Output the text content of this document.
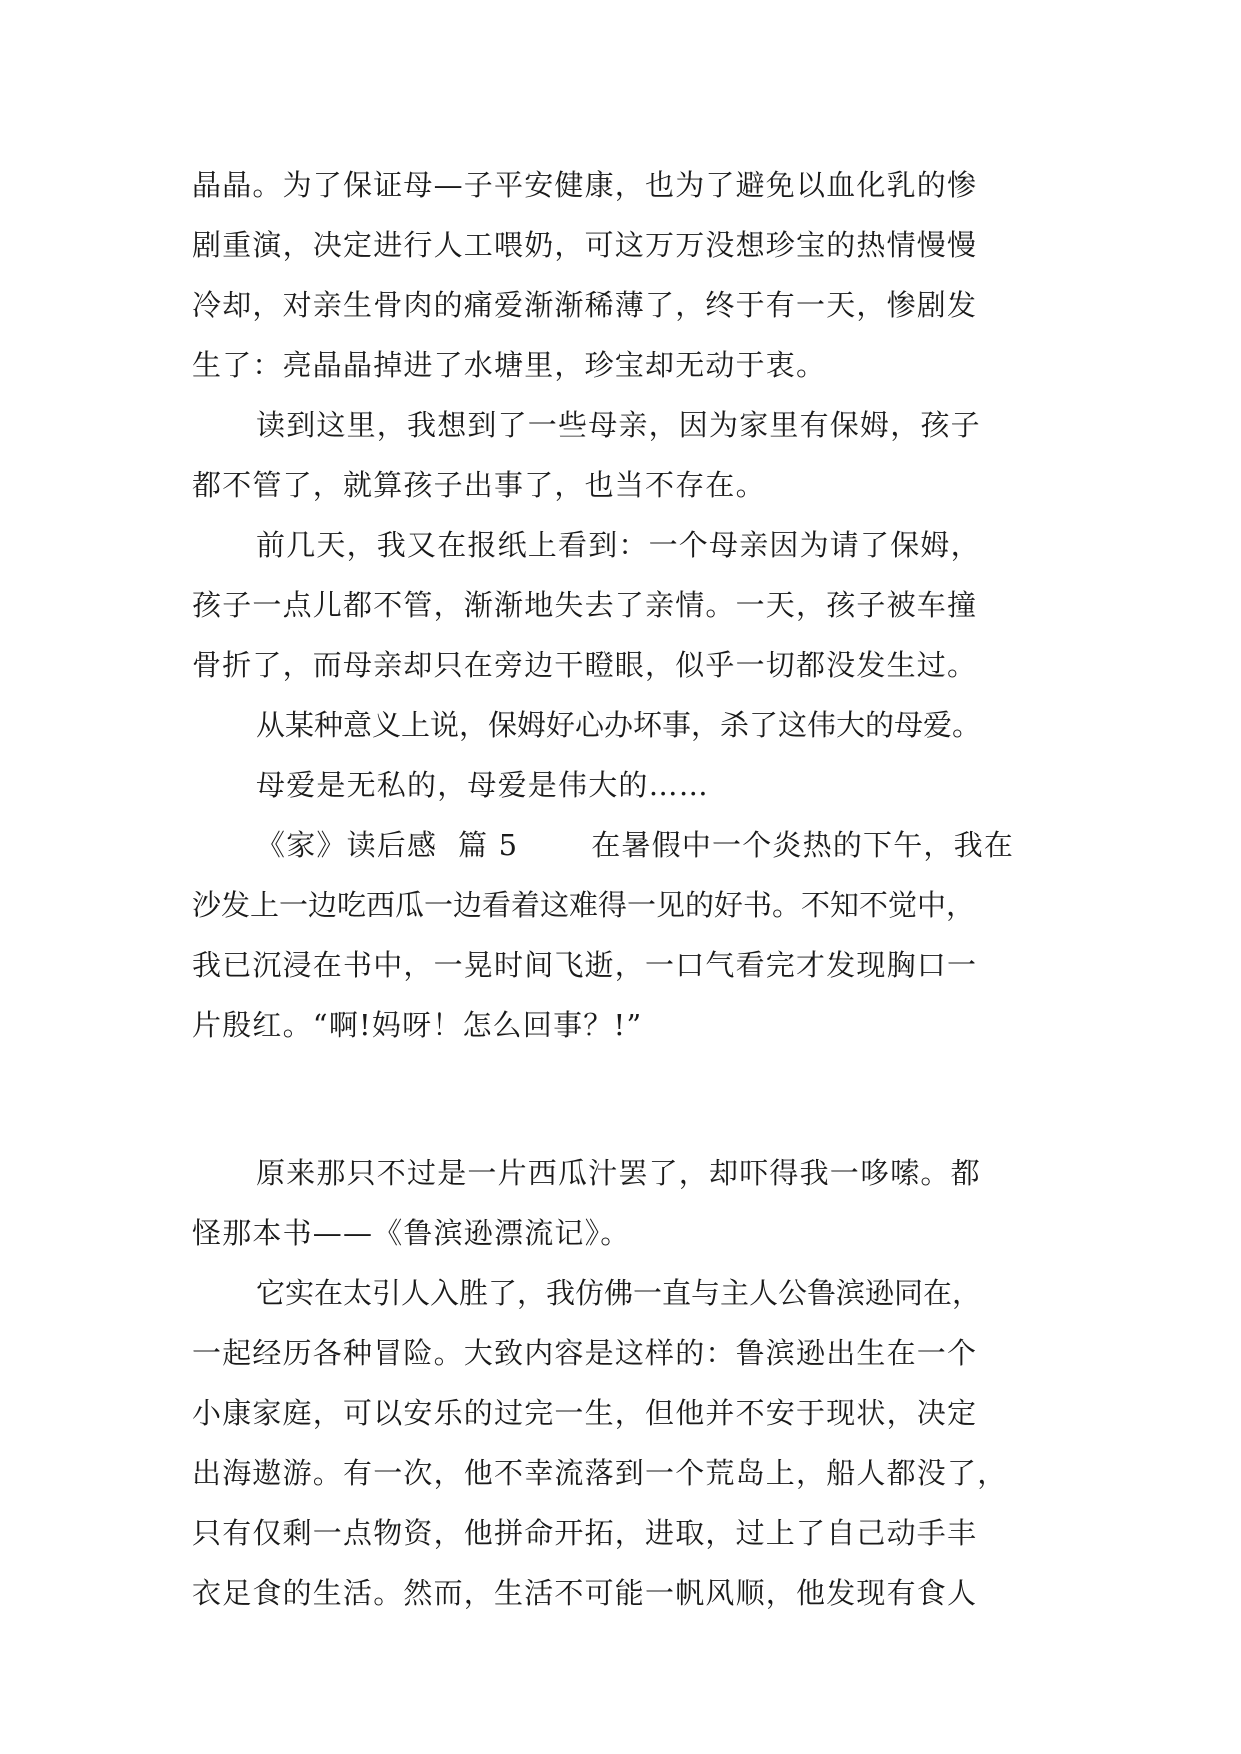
晶晶。为了保证母—子平安健康，也为了避免以血化乳的惨
剧重演，决定进行人工喂奶，可这万万没想珍宝的热情慢慢
冷却，对亲生骨肉的痛爱渐渐稀薄了，终于有一天，惨剧发
生了：亮晶晶掉进了水塘里，珍宝却无动于衷。
读到这里，我想到了一些母亲，因为家里有保姆，孩子
都不管了，就算孩子出事了，也当不存在。
前几天，我又在报纸上看到：一个母亲因为请了保姆，
孩子一点儿都不管，渐渐地失去了亲情。一天，孩子被车撞
骨折了，而母亲却只在旁边干瞪眼，似乎一切都没发生过。
从某种意义上说，保姆好心办坏事，杀了这伟大的母爱。
母爱是无私的，母爱是伟大的……
《家》读后感  篇 5       在暑假中一个炎热的下午，我在
沙发上一边吃西瓜一边看着这难得一见的好书。不知不觉中，
我已沉浸在书中，一晃时间飞逝，一口气看完才发现胸口一
片殷红。“啊!妈呀！怎么回事？!”
原来那只不过是一片西瓜汁罢了，却吓得我一哆嗦。都
怪那本书——《鲁滨逊漂流记》。
它实在太引人入胜了，我仿佛一直与主人公鲁滨逊同在，
一起经历各种冒险。大致内容是这样的：鲁滨逊出生在一个
小康家庭，可以安乐的过完一生，但他并不安于现状，决定
出海遨游。有一次，他不幸流落到一个荒岛上，船人都没了，
只有仅剩一点物资，他拼命开拓，进取，过上了自己动手丰
衣足食的生活。然而，生活不可能一帆风顺，他发现有食人
